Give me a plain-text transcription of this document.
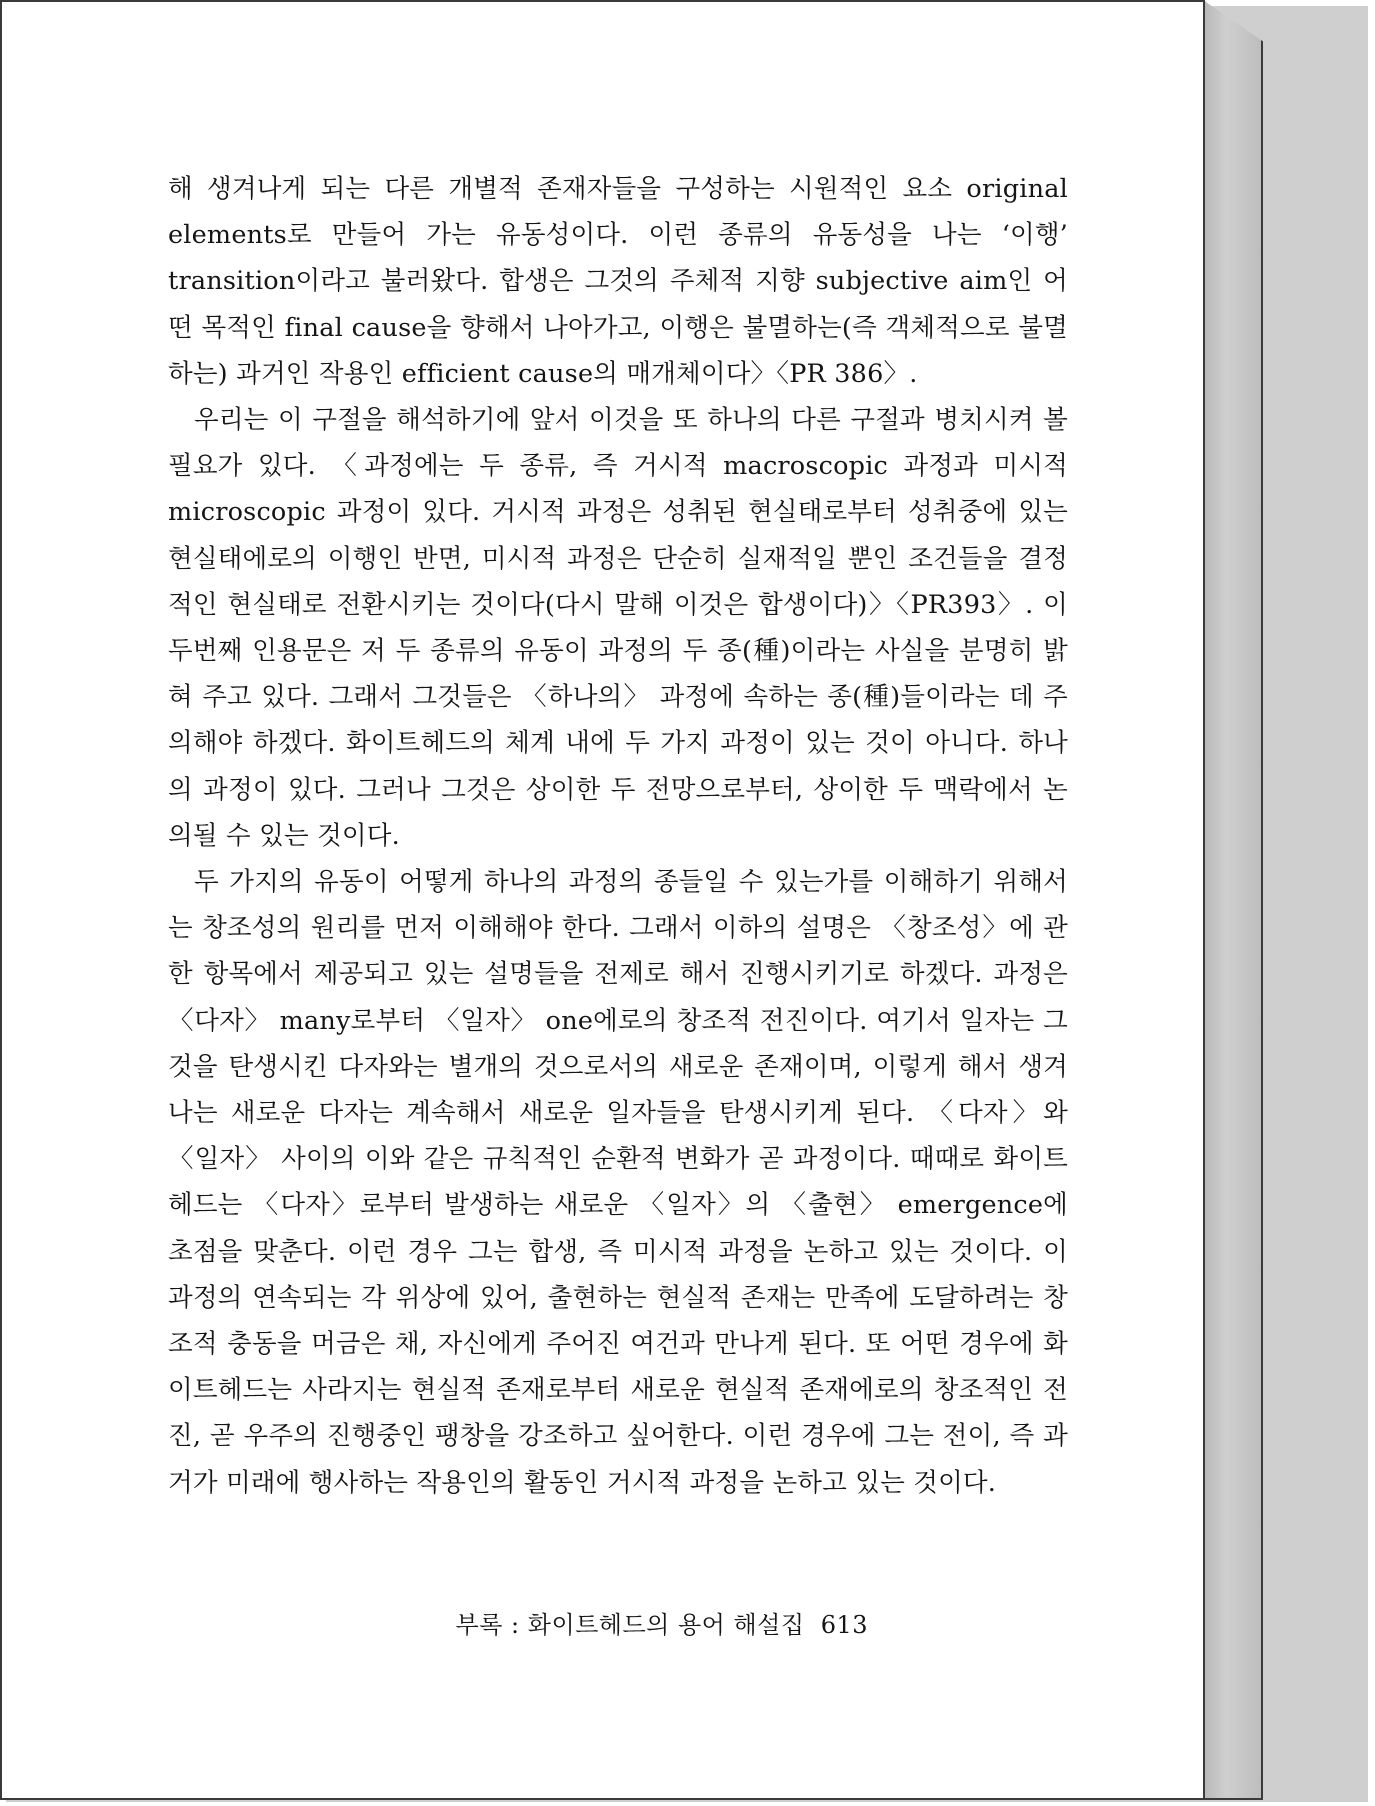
해 생겨나게 되는 다른 개별적 존재자들을 구성하는 시원적인 요소 original elements로 만들어 가는 유동성이다. 이런 종류의 유동성을 나는 ‘이행’ transition이라고 불러왔다. 합생은 그것의 주체적 지향 subjective aim인 어떤 목적인 final cause을 향해서 나아가고, 이행은 불멸하는(즉 객체적으로 불멸하는) 과거인 작용인 efficient cause의 매개체이다〉〈PR 386〉.

우리는 이 구절을 해석하기에 앞서 이것을 또 하나의 다른 구절과 병치시켜 볼 필요가 있다. 〈과정에는 두 종류, 즉 거시적 macroscopic 과정과 미시적 microscopic 과정이 있다. 거시적 과정은 성취된 현실태로부터 성취중에 있는 현실태에로의 이행인 반면, 미시적 과정은 단순히 실재적일 뿐인 조건들을 결정적인 현실태로 전환시키는 것이다(다시 말해 이것은 합생이다)〉〈PR393〉. 이 두번째 인용문은 저 두 종류의 유동이 과정의 두 종(種)이라는 사실을 분명히 밝혀 주고 있다. 그래서 그것들은 〈하나의〉 과정에 속하는 종(種)들이라는 데 주의해야 하겠다. 화이트헤드의 체계 내에 두 가지 과정이 있는 것이 아니다. 하나의 과정이 있다. 그러나 그것은 상이한 두 전망으로부터, 상이한 두 맥락에서 논의될 수 있는 것이다.

두 가지의 유동이 어떻게 하나의 과정의 종들일 수 있는가를 이해하기 위해서는 창조성의 원리를 먼저 이해해야 한다. 그래서 이하의 설명은 〈창조성〉에 관한 항목에서 제공되고 있는 설명들을 전제로 해서 진행시키기로 하겠다. 과정은 〈다자〉 many로부터 〈일자〉 one에로의 창조적 전진이다. 여기서 일자는 그것을 탄생시킨 다자와는 별개의 것으로서의 새로운 존재이며, 이렇게 해서 생겨나는 새로운 다자는 계속해서 새로운 일자들을 탄생시키게 된다. 〈다자〉와 〈일자〉 사이의 이와 같은 규칙적인 순환적 변화가 곧 과정이다. 때때로 화이트헤드는 〈다자〉로부터 발생하는 새로운 〈일자〉의 〈출현〉 emergence에 초점을 맞춘다. 이런 경우 그는 합생, 즉 미시적 과정을 논하고 있는 것이다. 이 과정의 연속되는 각 위상에 있어, 출현하는 현실적 존재는 만족에 도달하려는 창조적 충동을 머금은 채, 자신에게 주어진 여건과 만나게 된다. 또 어떤 경우에 화이트헤드는 사라지는 현실적 존재로부터 새로운 현실적 존재에로의 창조적인 전진, 곧 우주의 진행중인 팽창을 강조하고 싶어한다. 이런 경우에 그는 전이, 즉 과거가 미래에 행사하는 작용인의 활동인 거시적 과정을 논하고 있는 것이다.

부록 : 화이트헤드의 용어 해설집 613
